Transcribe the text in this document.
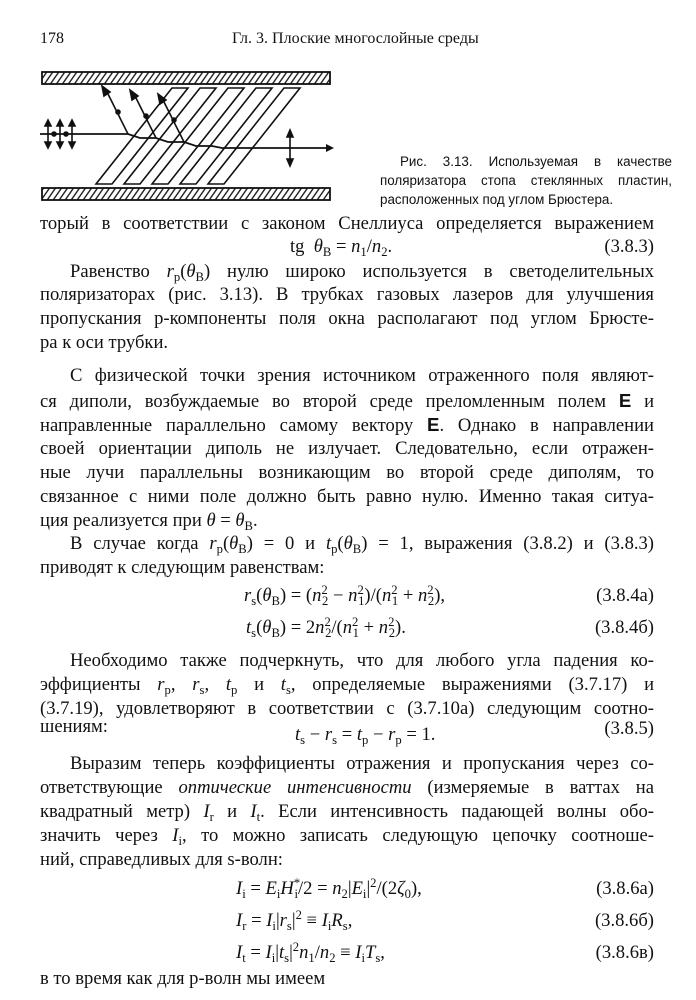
178	Гл. 3. Плоские многослойные среды
Рис. 3.13. Используемая в качестве поляризатора стопа стеклянных пластин, расположенных под углом Брюстера.
торый в соответствии с законом Снеллиуса определяется выражением
tg  $\theta_B = n_1/n_2$.	(3.8.3)
Равенство $r_p(\theta_B)$ нулю широко используется в светоделительных
поляризаторах (рис. 3.13). В трубках газовых лазеров для улучшения
пропускания р-компоненты поля окна располагают под углом Брюсте-
ра к оси трубки.
С физической точки зрения источником отраженного поля являют-
ся диполи, возбуждаемые во второй среде преломленным полем E и
направленные параллельно самому вектору E. Однако в направлении
своей ориентации диполь не излучает. Следовательно, если отражен-
ные лучи параллельны возникающим во второй среде диполям, то
связанное с ними поле должно быть равно нулю. Именно такая ситуа-
ция реализуется при $\theta = \theta_B$.
В случае когда $r_p(\theta_B) = 0$ и $t_p(\theta_B) = 1$, выражения (3.8.2) и (3.8.3)
приводят к следующим равенствам:
$r_s(\theta_B) = (n^2_2 - n^2_1)/(n^2_1 + n^2_2)$,	(3.8.4а)
$t_s(\theta_B) = 2n^2_2/(n^2_1 + n^2_2)$.	(3.8.4б)
Необходимо также подчеркнуть, что для любого угла падения ко-
эффициенты $r_p$, $r_s$, $t_p$ и $t_s$, определяемые выражениями (3.7.17) и
(3.7.19), удовлетворяют в соответствии с (3.7.10а) следующим соотно-
шениям:	$t_s - r_s = t_p - r_p = 1$.	(3.8.5)
Выразим теперь коэффициенты отражения и пропускания через со-
ответствующие оптические интенсивности (измеряемые в ваттах на
квадратный метр) $I_r$ и $I_t$. Если интенсивность падающей волны обо-
значить через $I_i$, то можно записать следующую цепочку соотноше-
ний, справедливых для s-волн:
$I_i = E_iH^*_i/2 = n_2|E_i|^2/(2\zeta_0)$,	(3.8.6а)
$I_r = I_i|r_s|^2 \equiv I_iR_s$,	(3.8.6б)
$I_t = I_i|t_s|^2n_1/n_2 \equiv I_iT_s$,	(3.8.6в)
в то время как для р-волн мы имеем
